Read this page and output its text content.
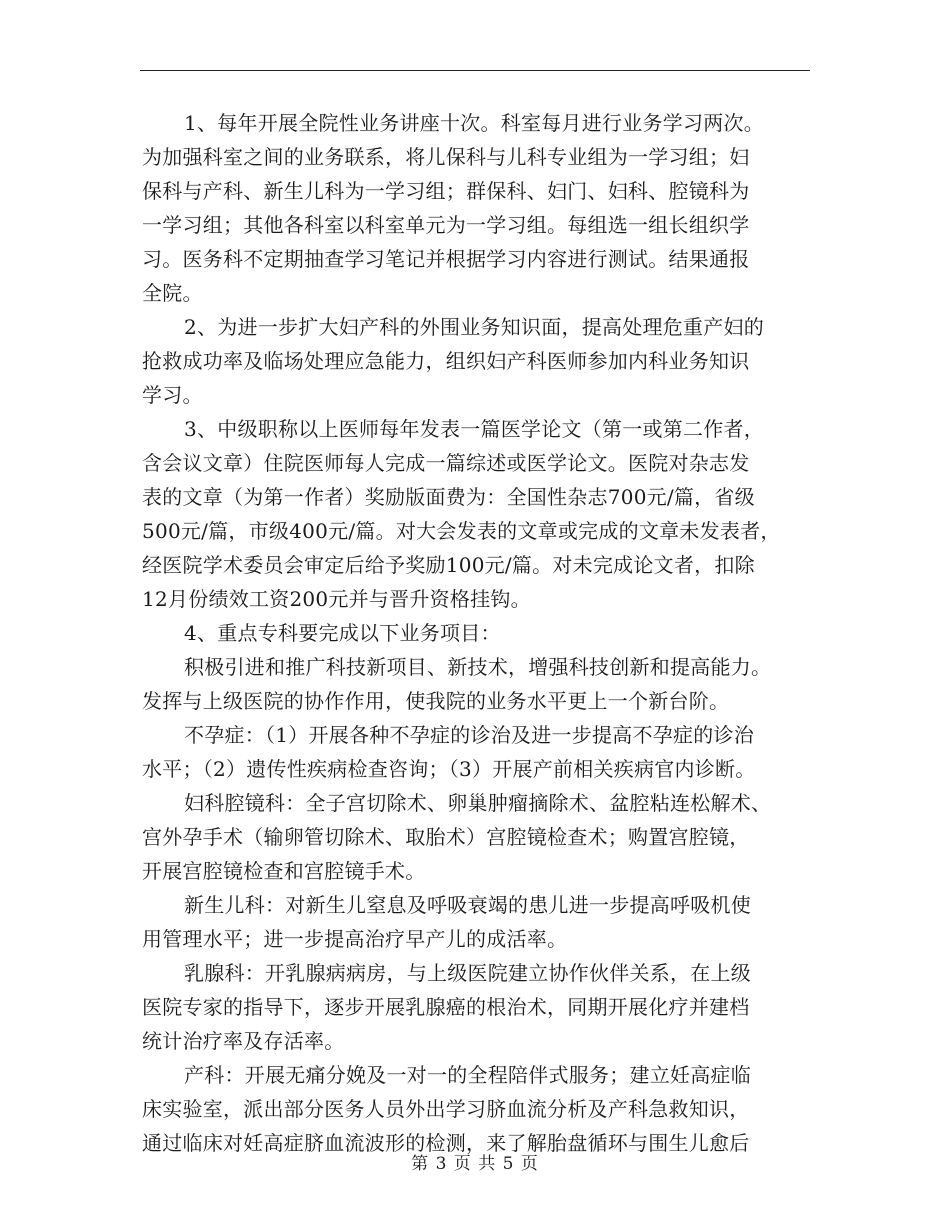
1、每年开展全院性业务讲座十次。科室每月进行业务学习两次。
为加强科室之间的业务联系，将儿保科与儿科专业组为一学习组；妇
保科与产科、新生儿科为一学习组；群保科、妇门、妇科、腔镜科为
一学习组；其他各科室以科室单元为一学习组。每组选一组长组织学
习。医务科不定期抽查学习笔记并根据学习内容进行测试。结果通报
全院。
2、为进一步扩大妇产科的外围业务知识面，提高处理危重产妇的
抢救成功率及临场处理应急能力，组织妇产科医师参加内科业务知识
学习。
3、中级职称以上医师每年发表一篇医学论文（第一或第二作者，
含会议文章）住院医师每人完成一篇综述或医学论文。医院对杂志发
表的文章（为第一作者）奖励版面费为：全国性杂志700元/篇，省级
500元/篇，市级400元/篇。对大会发表的文章或完成的文章未发表者，
经医院学术委员会审定后给予奖励100元/篇。对未完成论文者，扣除
12月份绩效工资200元并与晋升资格挂钩。
4、重点专科要完成以下业务项目：
积极引进和推广科技新项目、新技术，增强科技创新和提高能力。
发挥与上级医院的协作作用，使我院的业务水平更上一个新台阶。
不孕症：（1）开展各种不孕症的诊治及进一步提高不孕症的诊治
水平；（2）遗传性疾病检查咨询；（3）开展产前相关疾病官内诊断。
妇科腔镜科：全子宫切除术、卵巢肿瘤摘除术、盆腔粘连松解术、
宫外孕手术（输卵管切除术、取胎术）宫腔镜检查术；购置宫腔镜，
开展宫腔镜检查和宫腔镜手术。
新生儿科：对新生儿窒息及呼吸衰竭的患儿进一步提高呼吸机使
用管理水平；进一步提高治疗早产儿的成活率。
乳腺科：开乳腺病病房，与上级医院建立协作伙伴关系，在上级
医院专家的指导下，逐步开展乳腺癌的根治术，同期开展化疗并建档
统计治疗率及存活率。
产科：开展无痛分娩及一对一的全程陪伴式服务；建立妊高症临
床实验室，派出部分医务人员外出学习脐血流分析及产科急救知识，
通过临床对妊高症脐血流波形的检测，来了解胎盘循环与围生儿愈后
第 3 页 共 5 页
